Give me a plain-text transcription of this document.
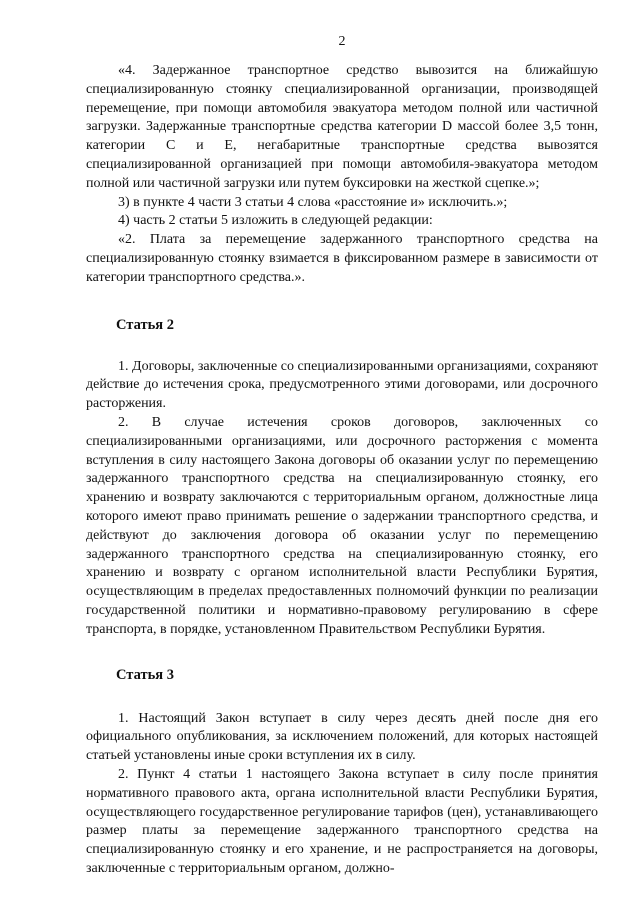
2

«4. Задержанное транспортное средство вывозится на ближайшую специализированную стоянку специализированной организации, производящей перемещение, при помощи автомобиля эвакуатора методом полной или частичной загрузки. Задержанные транспортные средства категории D массой более 3,5 тонн, категории C и E, негабаритные транспортные средства вывозятся специализированной организацией при помощи автомобиля-эвакуатора методом полной или частичной загрузки или путем буксировки на жесткой сцепке.»;

3) в пункте 4 части 3 статьи 4 слова «расстояние и» исключить.»;

4) часть 2 статьи 5 изложить в следующей редакции:

«2. Плата за перемещение задержанного транспортного средства на специализированную стоянку взимается в фиксированном размере в зависимости от категории транспортного средства.».

Статья 2

1. Договоры, заключенные со специализированными организациями, сохраняют действие до истечения срока, предусмотренного этими договорами, или досрочного расторжения.

2. В случае истечения сроков договоров, заключенных со специализированными организациями, или досрочного расторжения с момента вступления в силу настоящего Закона договоры об оказании услуг по перемещению задержанного транспортного средства на специализированную стоянку, его хранению и возврату заключаются с территориальным органом, должностные лица которого имеют право принимать решение о задержании транспортного средства, и действуют до заключения договора об оказании услуг по перемещению задержанного транспортного средства на специализированную стоянку, его хранению и возврату с органом исполнительной власти Республики Бурятия, осуществляющим в пределах предоставленных полномочий функции по реализации государственной политики и нормативно-правовому регулированию в сфере транспорта, в порядке, установленном Правительством Республики Бурятия.

Статья 3

1. Настоящий Закон вступает в силу через десять дней после дня его официального опубликования, за исключением положений, для которых настоящей статьей установлены иные сроки вступления их в силу.

2. Пункт 4 статьи 1 настоящего Закона вступает в силу после принятия нормативного правового акта, органа исполнительной власти Республики Бурятия, осуществляющего государственное регулирование тарифов (цен), устанавливающего размер платы за перемещение задержанного транспортного средства на специализированную стоянку и его хранение, и не распространяется на договоры, заключенные с территориальным органом, должно-
